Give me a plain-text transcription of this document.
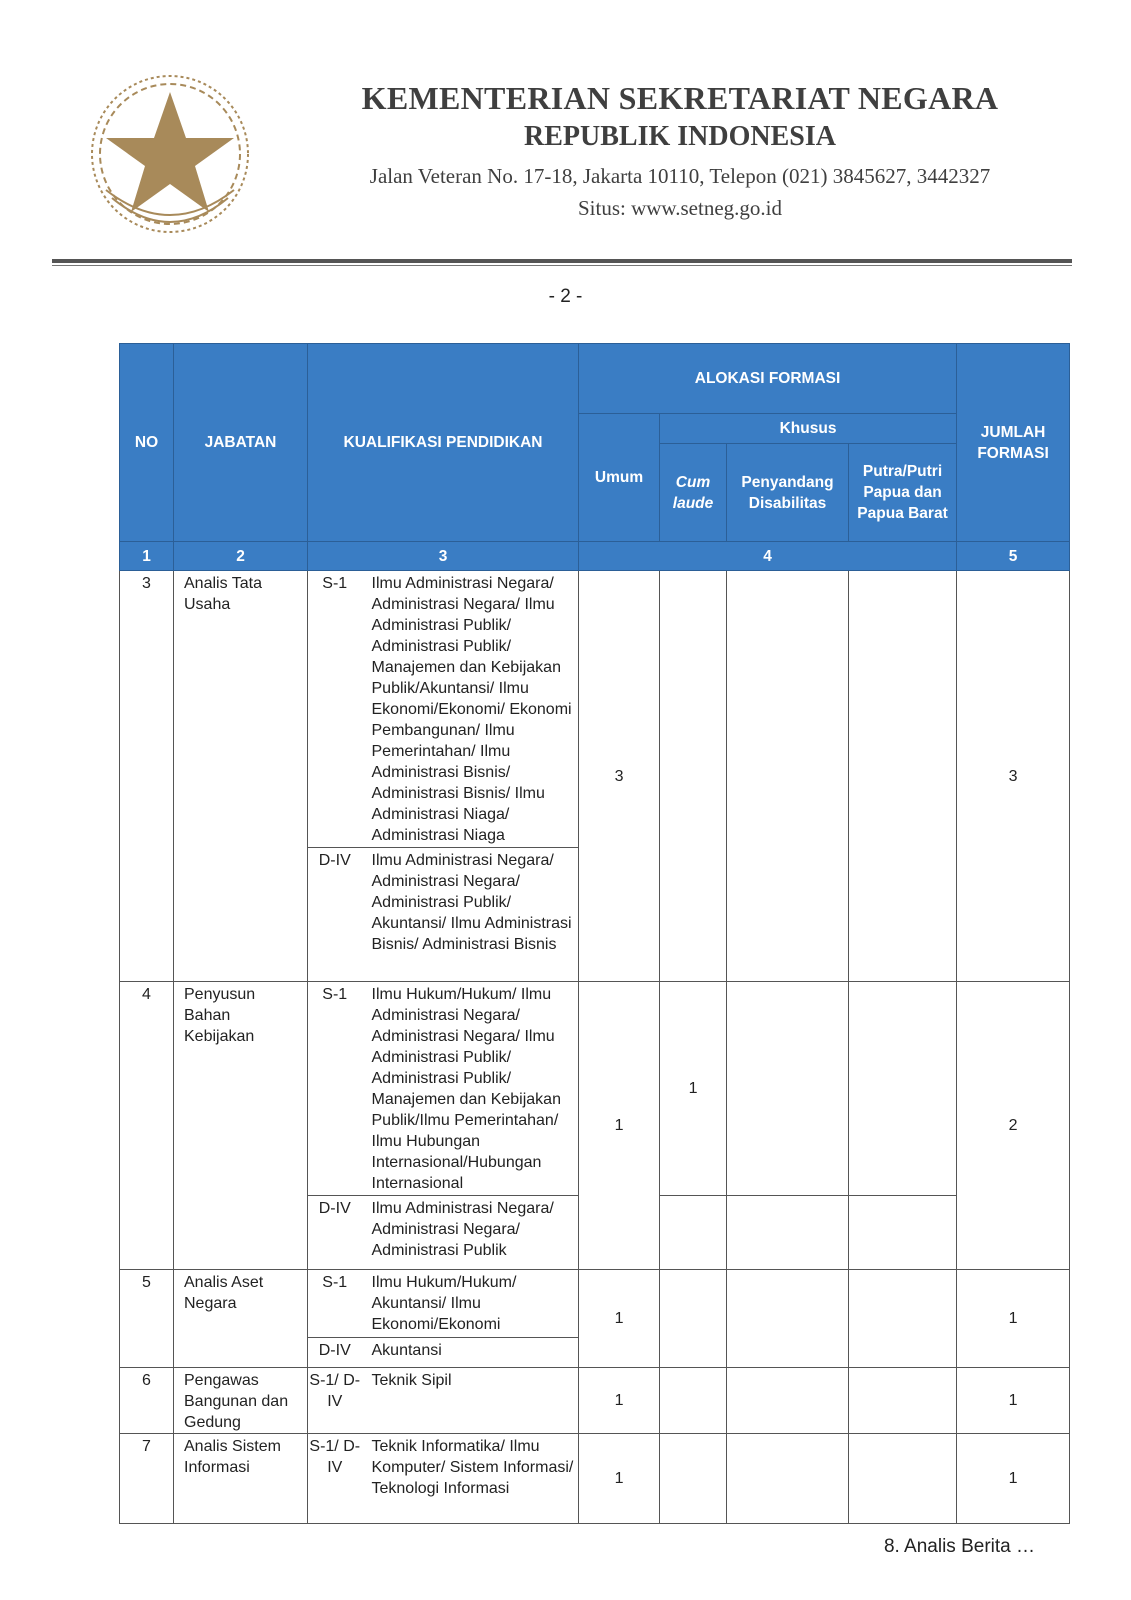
KEMENTERIAN SEKRETARIAT NEGARA
REPUBLIK INDONESIA
Jalan Veteran No. 17-18, Jakarta 10110, Telepon (021) 3845627, 3442327
Situs: www.setneg.go.id
- 2 -
NO	JABATAN	KUALIFIKASI PENDIDIKAN		ALOKASI FORMASI				JUMLAH FORMASI
				Umum	Khusus			
					Cum laude	Penyandang Disabilitas	Putra/Putri Papua dan Papua Barat	
1	2	3		4				5
3	Analis Tata Usaha	S-1	Ilmu Administrasi Negara/ Administrasi Negara/ Ilmu Administrasi Publik/ Administrasi Publik/ Manajemen dan Kebijakan Publik/Akuntansi/ Ilmu Ekonomi/Ekonomi/ Ekonomi Pembangunan/ Ilmu Pemerintahan/ Ilmu Administrasi Bisnis/ Administrasi Bisnis/ Ilmu Administrasi Niaga/ Administrasi Niaga	3				3
		D-IV	Ilmu Administrasi Negara/ Administrasi Negara/ Administrasi Publik/ Akuntansi/ Ilmu Administrasi Bisnis/ Administrasi Bisnis					
4	Penyusun Bahan Kebijakan	S-1	Ilmu Hukum/Hukum/ Ilmu Administrasi Negara/ Administrasi Negara/ Ilmu Administrasi Publik/ Administrasi Publik/ Manajemen dan Kebijakan Publik/Ilmu Pemerintahan/ Ilmu Hubungan Internasional/Hubungan Internasional	1	1			2
		D-IV	Ilmu Administrasi Negara/ Administrasi Negara/ Administrasi Publik					
5	Analis Aset Negara	S-1	Ilmu Hukum/Hukum/ Akuntansi/ Ilmu Ekonomi/Ekonomi	1				1
		D-IV	Akuntansi					
6	Pengawas Bangunan dan Gedung	S-1/ D-IV	Teknik Sipil	1				1
7	Analis Sistem Informasi	S-1/ D-IV	Teknik Informatika/ Ilmu Komputer/ Sistem Informasi/ Teknologi Informasi	1				1
8. Analis Berita …
